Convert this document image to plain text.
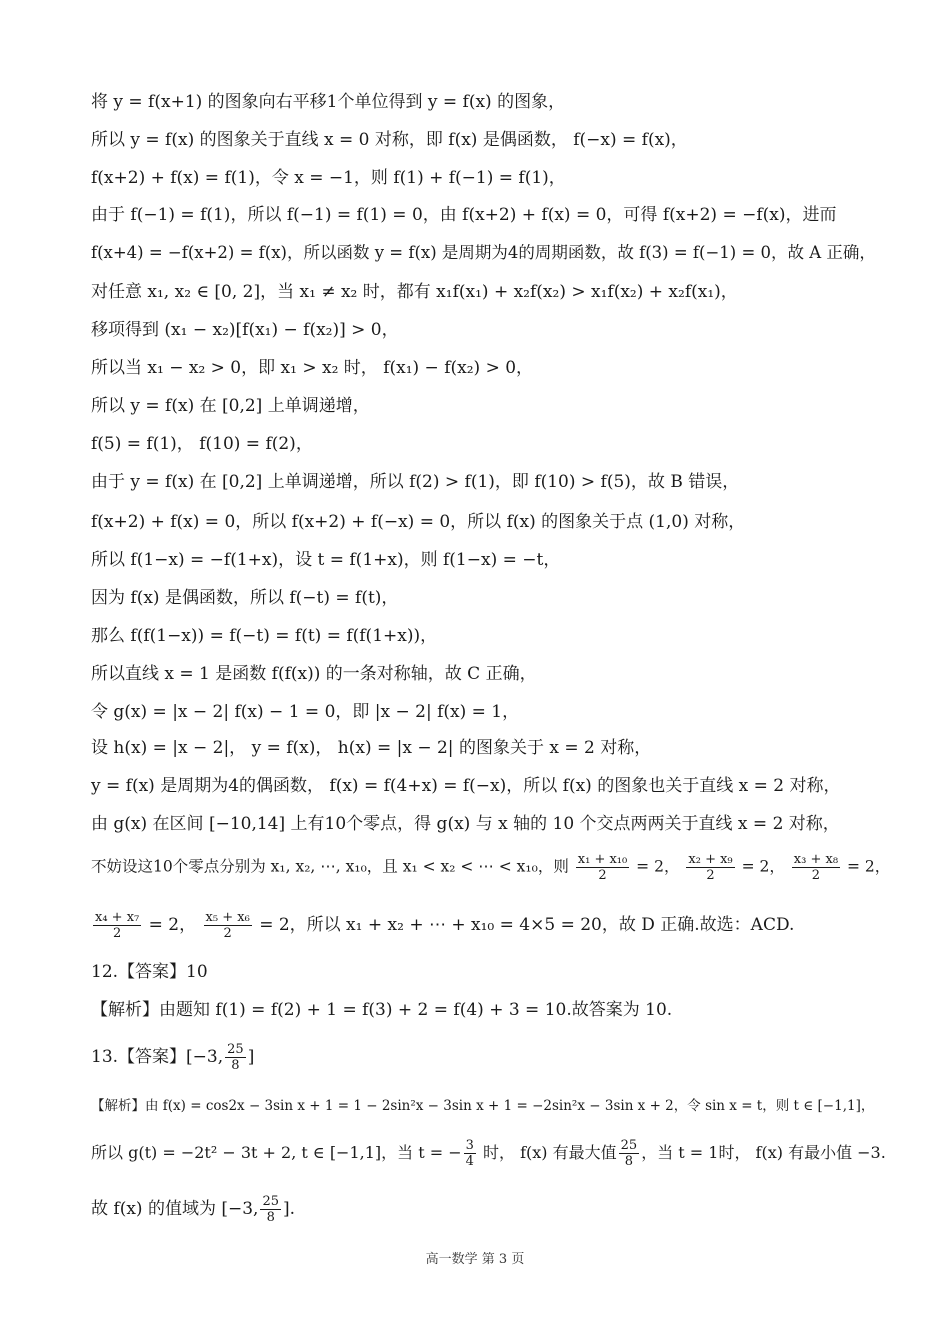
将 y = f(x+1) 的图象向右平移1个单位得到 y = f(x) 的图象，
所以 y = f(x) 的图象关于直线 x = 0 对称，即 f(x) 是偶函数， f(−x) = f(x)，
f(x+2) + f(x) = f(1)，令 x = −1，则 f(1) + f(−1) = f(1)，
由于 f(−1) = f(1)，所以 f(−1) = f(1) = 0，由 f(x+2) + f(x) = 0，可得 f(x+2) = −f(x)，进而
f(x+4) = −f(x+2) = f(x)，所以函数 y = f(x) 是周期为4的周期函数，故 f(3) = f(−1) = 0，故 A 正确，
对任意 x₁, x₂ ∈ [0, 2]，当 x₁ ≠ x₂ 时，都有 x₁f(x₁) + x₂f(x₂) > x₁f(x₂) + x₂f(x₁)，
移项得到 (x₁ − x₂)[f(x₁) − f(x₂)] > 0，
所以当 x₁ − x₂ > 0，即 x₁ > x₂ 时， f(x₁) − f(x₂) > 0，
所以 y = f(x) 在 [0,2] 上单调递增，
f(5) = f(1)， f(10) = f(2)，
由于 y = f(x) 在 [0,2] 上单调递增，所以 f(2) > f(1)，即 f(10) > f(5)，故 B 错误，
f(x+2) + f(x) = 0，所以 f(x+2) + f(−x) = 0，所以 f(x) 的图象关于点 (1,0) 对称，
所以 f(1−x) = −f(1+x)，设 t = f(1+x)，则 f(1−x) = −t，
因为 f(x) 是偶函数，所以 f(−t) = f(t)，
那么 f(f(1−x)) = f(−t) = f(t) = f(f(1+x))，
所以直线 x = 1 是函数 f(f(x)) 的一条对称轴，故 C 正确，
令 g(x) = |x − 2| f(x) − 1 = 0，即 |x − 2| f(x) = 1，
设 h(x) = |x − 2|， y = f(x)， h(x) = |x − 2| 的图象关于 x = 2 对称，
y = f(x) 是周期为4的偶函数， f(x) = f(4+x) = f(−x)，所以 f(x) 的图象也关于直线 x = 2 对称，
由 g(x) 在区间 [−10,14] 上有10个零点，得 g(x) 与 x 轴的 10 个交点两两关于直线 x = 2 对称，
不妨设这10个零点分别为 x₁, x₂, ⋯, x₁₀，且 x₁ < x₂ < ⋯ < x₁₀，则 $\frac{\text{x₁ + x₁₀}}{2} = 2$， $\frac{\text{x₂ + x₉}}{2} = 2$， $\frac{\text{x₃ + x₈}}{2} = 2$，
$\frac{\text{x₄ + x₇}}{2} = 2$， $\frac{\text{x₅ + x₆}}{2} = 2$，所以 x₁ + x₂ + ⋯ + x₁₀ = 4×5 = 20，故 D 正确.故选：ACD.
12.【答案】10
【解析】由题知 f(1) = f(2) + 1 = f(3) + 2 = f(4) + 3 = 10.故答案为 10.
13.【答案】[−3, $\frac{25}{8}$ ]
【解析】由 f(x) = cos2x − 3sin x + 1 = 1 − 2sin²x − 3sin x + 1 = −2sin²x − 3sin x + 2，令 sin x = t，则 t ∈ [−1,1]，
所以 g(t) = −2t² − 3t + 2, t ∈ [−1,1]，当 t = − $\frac{3}{4}$ 时， f(x) 有最大值 $\frac{25}{8}$ ，当 t = 1时， f(x) 有最小值 −3.
故 f(x) 的值域为 [−3, $\frac{25}{8}$ ].
高一数学 第 3 页
